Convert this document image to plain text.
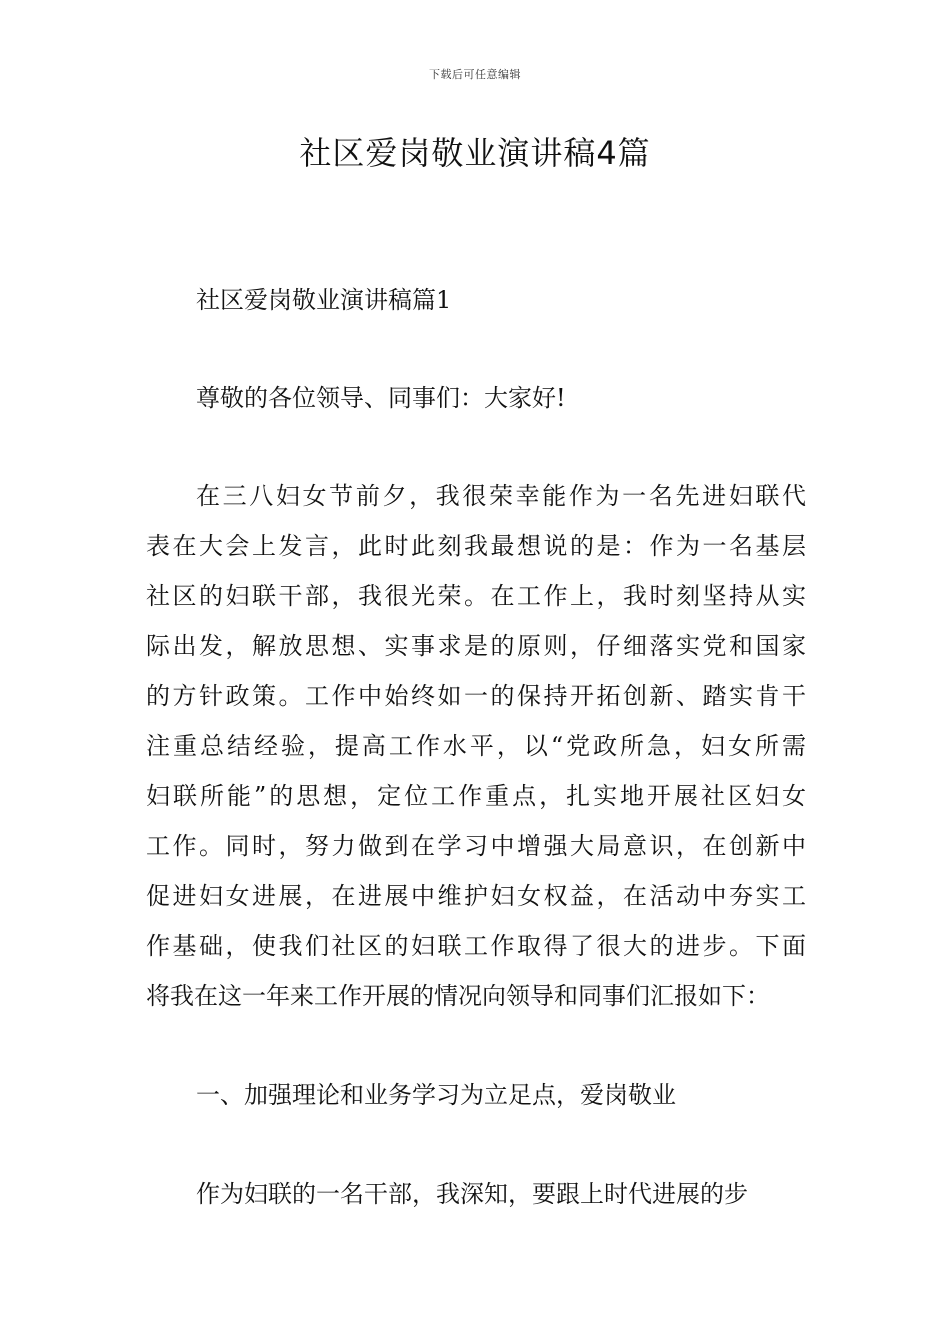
下载后可任意编辑
社区爱岗敬业演讲稿4篇

社区爱岗敬业演讲稿篇1

尊敬的各位领导、同事们：大家好!

在三八妇女节前夕，我很荣幸能作为一名先进妇联代
表在大会上发言，此时此刻我最想说的是：作为一名基层
社区的妇联干部，我很光荣。在工作上，我时刻坚持从实
际出发，解放思想、实事求是的原则，仔细落实党和国家
的方针政策。工作中始终如一的保持开拓创新、踏实肯干
注重总结经验，提高工作水平，以“党政所急，妇女所需
妇联所能”的思想，定位工作重点，扎实地开展社区妇女
工作。同时，努力做到在学习中增强大局意识，在创新中
促进妇女进展，在进展中维护妇女权益，在活动中夯实工
作基础，使我们社区的妇联工作取得了很大的进步。下面
将我在这一年来工作开展的情况向领导和同事们汇报如下：

一、加强理论和业务学习为立足点，爱岗敬业

作为妇联的一名干部，我深知，要跟上时代进展的步
